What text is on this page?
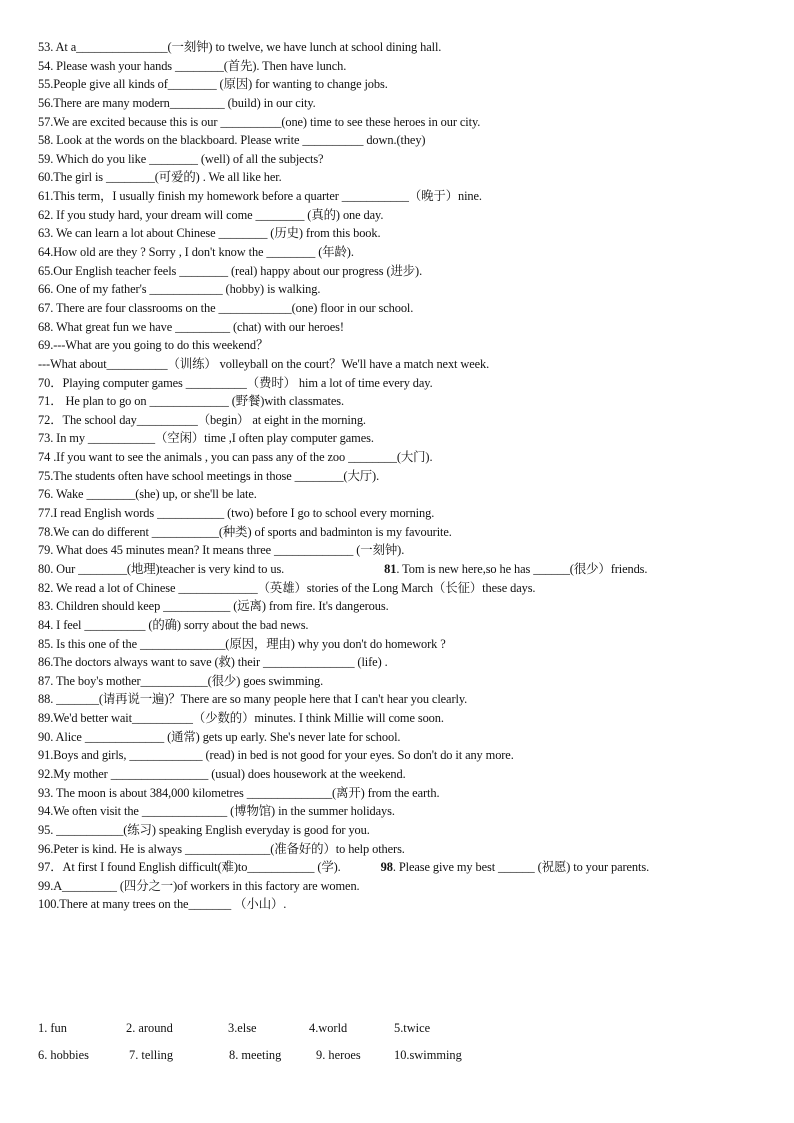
53. At a_______________(一刻钟) to twelve, we have lunch at school dining hall.
54. Please wash your hands ________(首先). Then have lunch.
55.People give all kinds of________ (原因) for wanting to change jobs.
56.There are many modern_________ (build) in our city.
57.We are excited because this is our __________(one) time to see these heroes in our city.
58. Look at the words on the blackboard. Please write __________ down.(they)
59. Which do you like ________ (well) of all the subjects?
60.The girl is ________(可爱的) . We all like her.
61.This term，I usually finish my homework before a quarter ___________（晚于）nine.
62. If you study hard, your dream will come ________ (真的) one day.
63. We can learn a lot about Chinese ________ (历史) from this book.
64.How old are they ? Sorry , I don't know the ________ (年龄).
65.Our English teacher feels ________ (real) happy about our progress (进步).
66. One of my father's ____________ (hobby) is walking.
67. There are four classrooms on the ____________(one) floor in our school.
68. What great fun we have _________ (chat) with our heroes!
69.---What are you going to do this weekend？
---What about__________（训练） volleyball on the court？We'll have a match next week.
70．Playing computer games __________（费时） him a lot of time every day.
71． He plan to go on _____________ (野餐)with classmates.
72．The school day__________（begin） at eight in the morning.
73. In my ___________（空闲）time ,I often play computer games.
74 .If you want to see the animals , you can pass any of the zoo ________(大门).
75.The students often have school meetings in those ________(大厅).
76. Wake ________(she) up, or she'll be late.
77.I read English words ___________ (two) before I go to school every morning.
78.We can do different ___________(种类) of sports and badminton is my favourite.
79. What does 45 minutes mean? It means three _____________ (一刻钟).
80. Our ________(地理)teacher is very kind to us.	81. Tom is new here,so he has ______(很少）friends.
82. We read a lot of Chinese _____________（英雄）stories of the Long March（长征）these days.
83. Children should keep ___________ (远离) from fire. It's dangerous.
84. I feel __________ (的确) sorry about the bad news.
85. Is this one of the ______________(原因，理由) why you don't do homework ?
86.The doctors always want to save (救) their _______________ (life) .
87. The boy's mother___________(很少) goes swimming.
88. _______(请再说一遍)？There are so many people here that I can't hear you clearly.
89.We'd better wait__________（少数的）minutes. I think Millie will come soon.
90. Alice _____________ (通常) gets up early. She's never late for school.
91.Boys and girls, ____________ (read) in bed is not good for your eyes. So don't do it any more.
92.My mother ________________ (usual) does housework at the weekend.
93. The moon is about 384,000 kilometres ______________(离开) from the earth.
94.We often visit the ______________ (博物馆) in the summer holidays.
95. ___________(练习) speaking English everyday is good for you.
96.Peter is kind. He is always ______________(准备好的）to help others.
97．At first I found English difficult(难)to___________ (学).	98. Please give my best ______ (祝愿) to your parents.
99.A_________ (四分之一)of workers in this factory are women.
100.There at many trees on the_______ （小山）.
1. fun	2. around	3.else	4.world	5.twice
6. hobbies	7. telling	8. meeting	9. heroes	10.swimming
